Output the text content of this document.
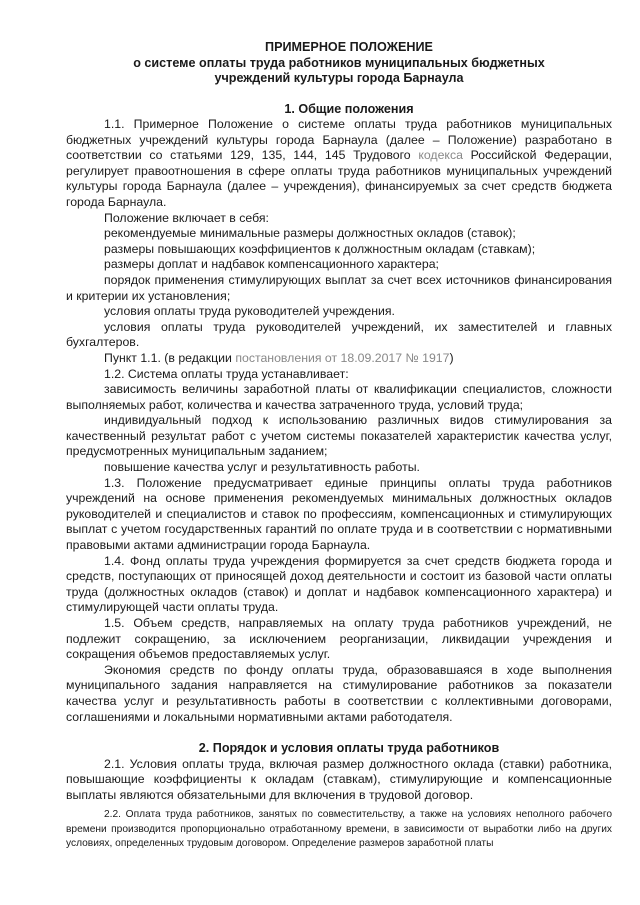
ПРИМЕРНОЕ ПОЛОЖЕНИЕ
о системе оплаты труда работников муниципальных бюджетных
учреждений культуры города Барнаула
1. Общие положения

1.1. Примерное Положение о системе оплаты труда работников муниципальных бюджетных учреждений культуры города Барнаула (далее – Положение) разработано в соответствии со статьями 129, 135, 144, 145 Трудового кодекса Российской Федерации, регулирует правоотношения в сфере оплаты труда работников муниципальных учреждений культуры города Барнаула (далее – учреждения), финансируемых за счет средств бюджета города Барнаула.

Положение включает в себя:

рекомендуемые минимальные размеры должностных окладов (ставок);

размеры повышающих коэффициентов к должностным окладам (ставкам);

размеры доплат и надбавок компенсационного характера;

порядок применения стимулирующих выплат за счет всех источников финансирования и критерии их установления;

условия оплаты труда руководителей учреждения.

условия оплаты труда руководителей учреждений, их заместителей и главных бухгалтеров.

Пункт 1.1. (в редакции постановления от 18.09.2017 № 1917)

1.2. Система оплаты труда устанавливает:

зависимость величины заработной платы от квалификации специалистов, сложности выполняемых работ, количества и качества затраченного труда, условий труда;

индивидуальный подход к использованию различных видов стимулирования за качественный результат работ с учетом системы показателей характеристик качества услуг, предусмотренных муниципальным заданием;

повышение качества услуг и результативность работы.

1.3. Положение предусматривает единые принципы оплаты труда работников учреждений на основе применения рекомендуемых минимальных должностных окладов руководителей и специалистов и ставок по профессиям, компенсационных и стимулирующих выплат с учетом государственных гарантий по оплате труда и в соответствии с нормативными правовыми актами администрации города Барнаула.

1.4. Фонд оплаты труда учреждения формируется за счет средств бюджета города и средств, поступающих от приносящей доход деятельности и состоит из базовой части оплаты труда (должностных окладов (ставок) и доплат и надбавок компенсационного характера) и стимулирующей части оплаты труда.

1.5. Объем средств, направляемых на оплату труда работников учреждений, не подлежит сокращению, за исключением реорганизации, ликвидации учреждения и сокращения объемов предоставляемых услуг.

Экономия средств по фонду оплаты труда, образовавшаяся в ходе выполнения муниципального задания направляется на стимулирование работников за показатели качества услуг и результативность работы в соответствии с коллективными договорами, соглашениями и локальными нормативными актами работодателя.

2. Порядок и условия оплаты труда работников

2.1. Условия оплаты труда, включая размер должностного оклада (ставки) работника, повышающие коэффициенты к окладам (ставкам), стимулирующие и компенсационные выплаты являются обязательными для включения в трудовой договор.

2.2. Оплата труда работников, занятых по совместительству, а также на условиях неполного рабочего времени производится пропорционально отработанному времени, в зависимости от выработки либо на других условиях, определенных трудовым договором. Определение размеров заработной платы
